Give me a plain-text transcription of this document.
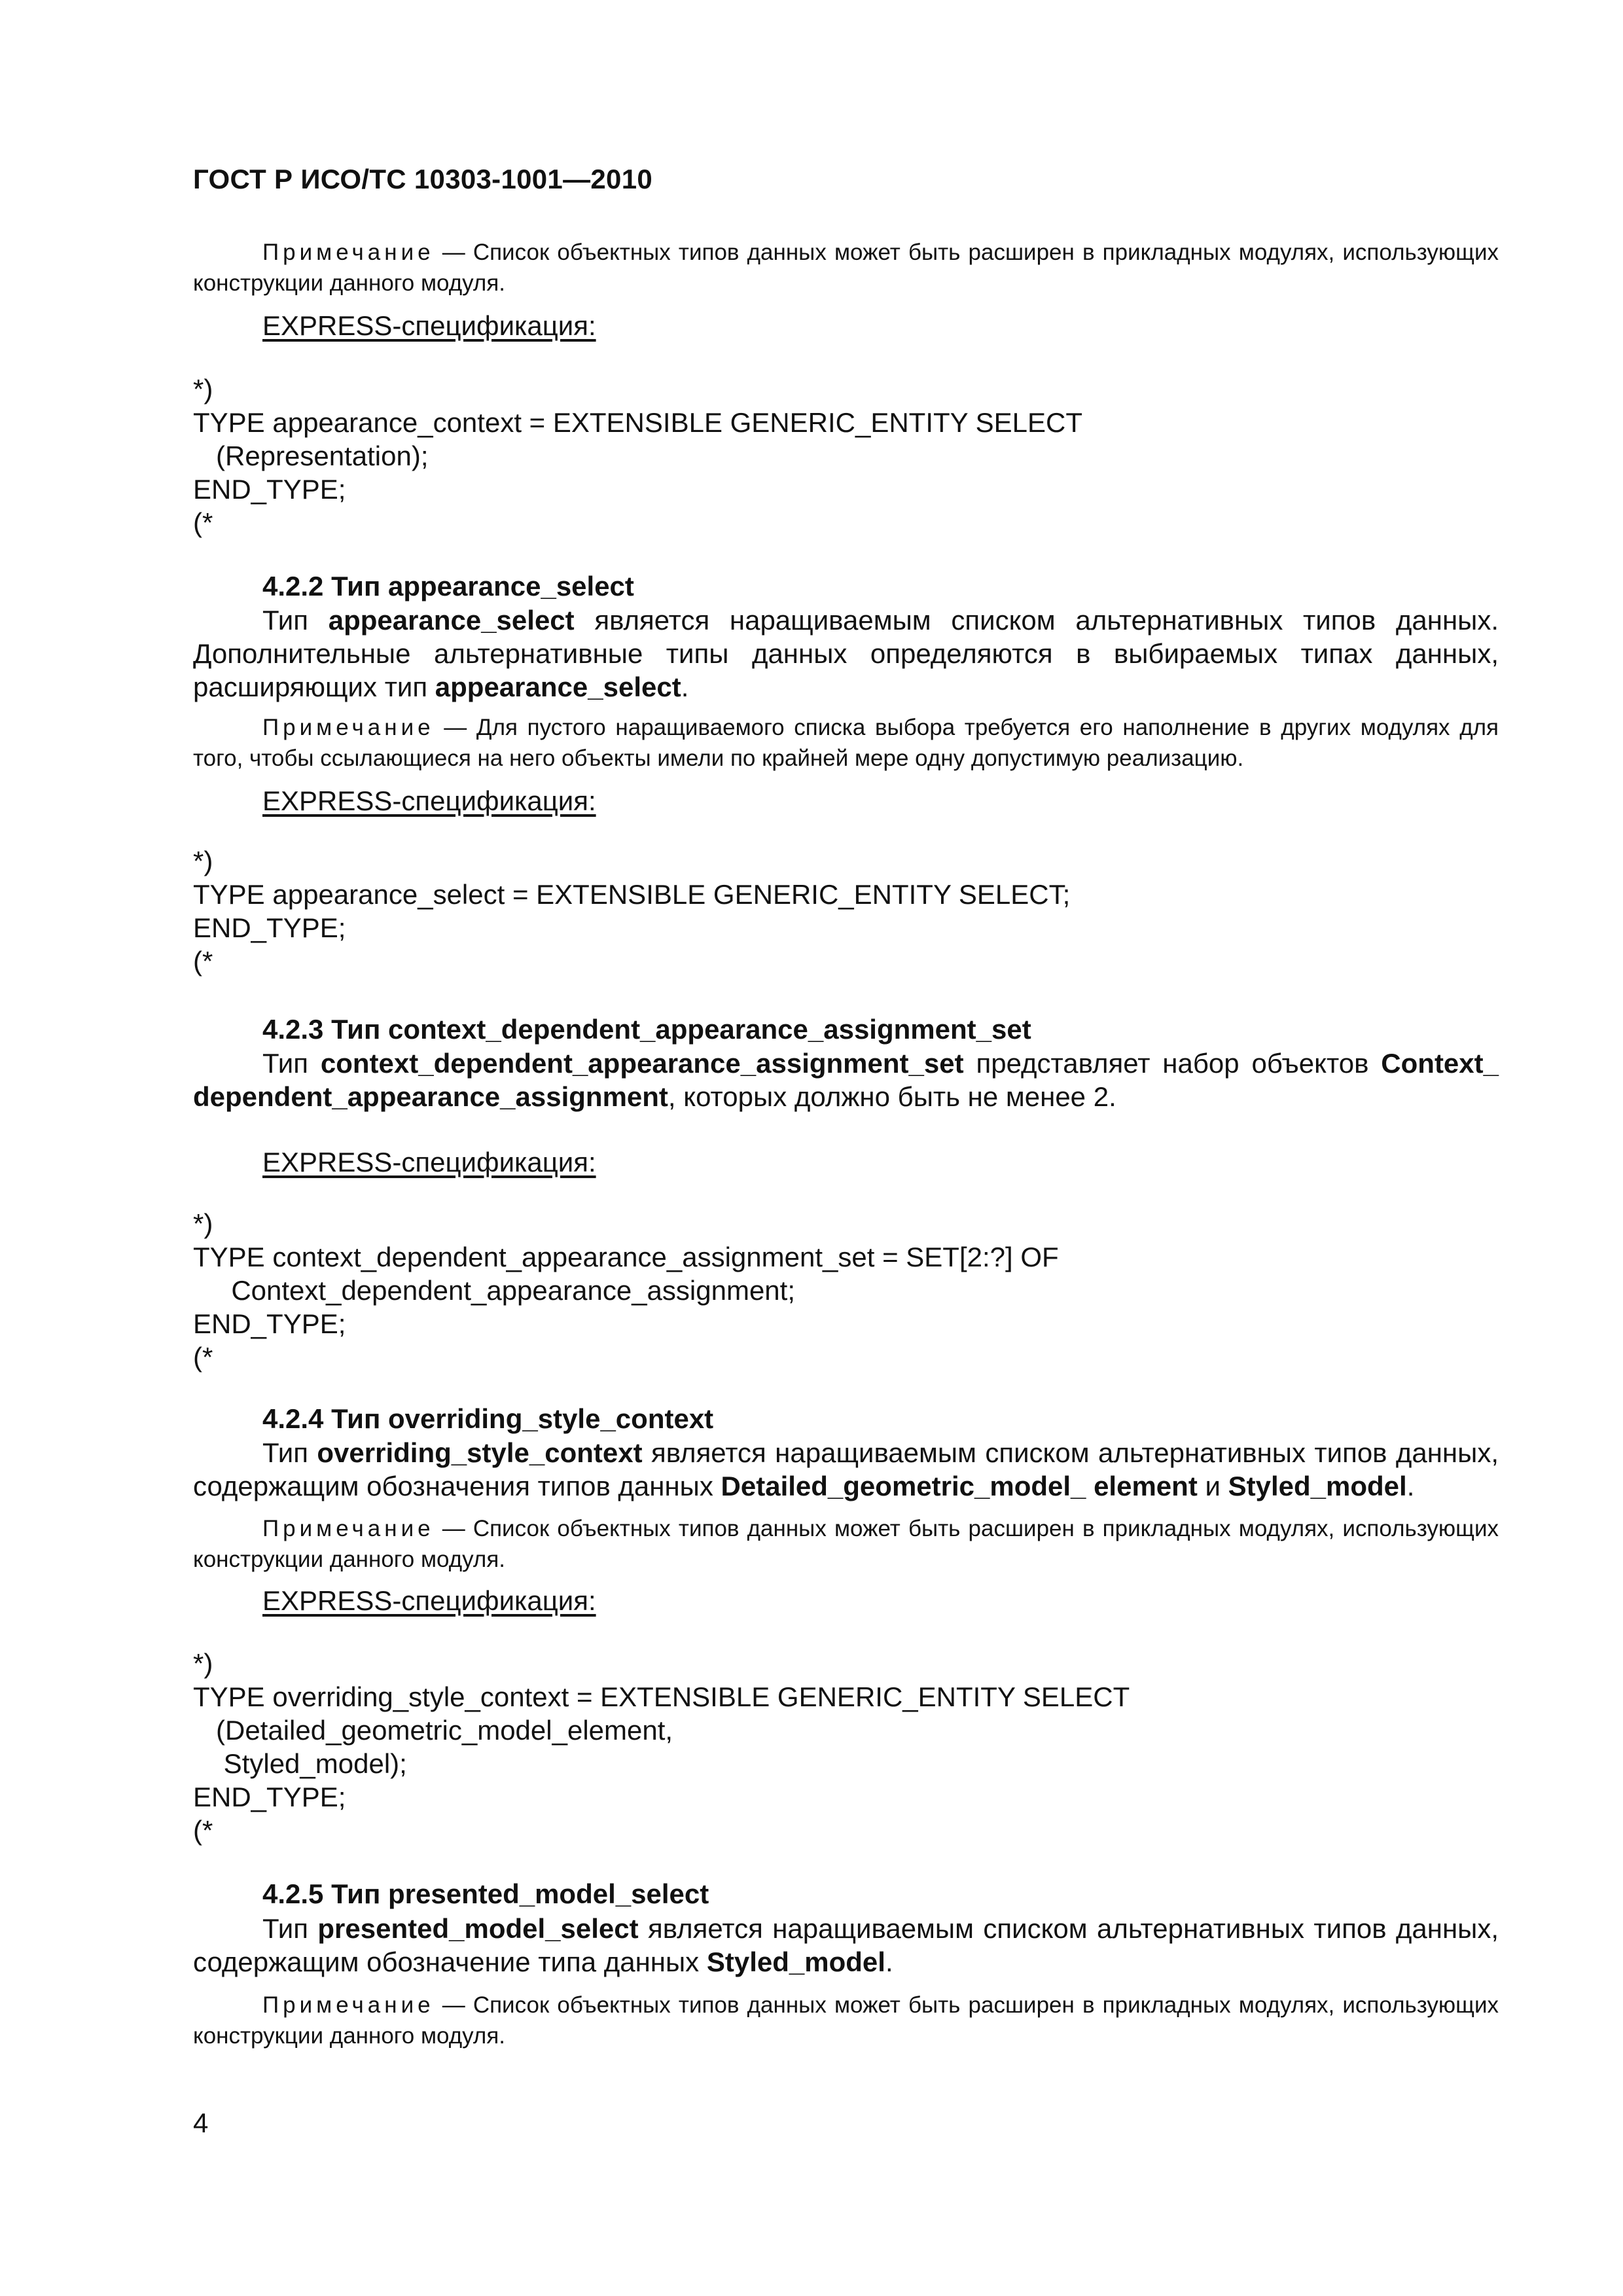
ГОСТ Р ИСО/ТС 10303-1001—2010
Примечание — Список объектных типов данных может быть расширен в прикладных модулях, использующих конструкции данного модуля.
EXPRESS-спецификация:
*)
TYPE appearance_context = EXTENSIBLE GENERIC_ENTITY SELECT
(Representation);
END_TYPE;
(*
4.2.2 Тип appearance_select
Тип appearance_select является наращиваемым списком альтернативных типов данных. Дополнительные альтернативные типы данных определяются в выбираемых типах данных, расширяющих тип appearance_select.
Примечание — Для пустого наращиваемого списка выбора требуется его наполнение в других модулях для того, чтобы ссылающиеся на него объекты имели по крайней мере одну допустимую реализацию.
EXPRESS-спецификация:
*)
TYPE appearance_select = EXTENSIBLE GENERIC_ENTITY SELECT;
END_TYPE;
(*
4.2.3 Тип context_dependent_appearance_assignment_set
Тип context_dependent_appearance_assignment_set представляет набор объектов Context_ dependent_appearance_assignment, которых должно быть не менее 2.
EXPRESS-спецификация:
*)
TYPE context_dependent_appearance_assignment_set = SET[2:?] OF
Context_dependent_appearance_assignment;
END_TYPE;
(*
4.2.4 Тип overriding_style_context
Тип overriding_style_context является наращиваемым списком альтернативных типов данных, содержащим обозначения типов данных Detailed_geometric_model_ element и Styled_model.
Примечание — Список объектных типов данных может быть расширен в прикладных модулях, использующих конструкции данного модуля.
EXPRESS-спецификация:
*)
TYPE overriding_style_context = EXTENSIBLE GENERIC_ENTITY SELECT
(Detailed_geometric_model_element,
Styled_model);
END_TYPE;
(*
4.2.5 Тип presented_model_select
Тип presented_model_select является наращиваемым списком альтернативных типов данных, содержащим обозначение типа данных Styled_model.
Примечание — Список объектных типов данных может быть расширен в прикладных модулях, использующих конструкции данного модуля.
4
